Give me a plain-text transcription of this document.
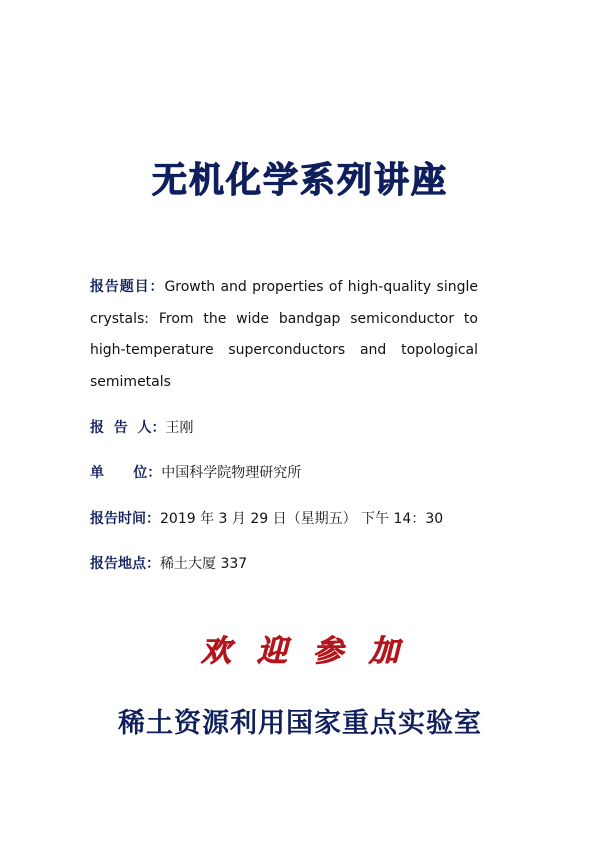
无机化学系列讲座
报告题目：Growth and properties of high-quality single
crystals: From the wide bandgap semiconductor to
high-temperature superconductors and topological
semimetals
报  告  人：王刚
单      位：中国科学院物理研究所
报告时间：2019 年 3 月 29 日（星期五） 下午 14：30
报告地点：稀土大厦 337
欢迎参加
稀土资源利用国家重点实验室
